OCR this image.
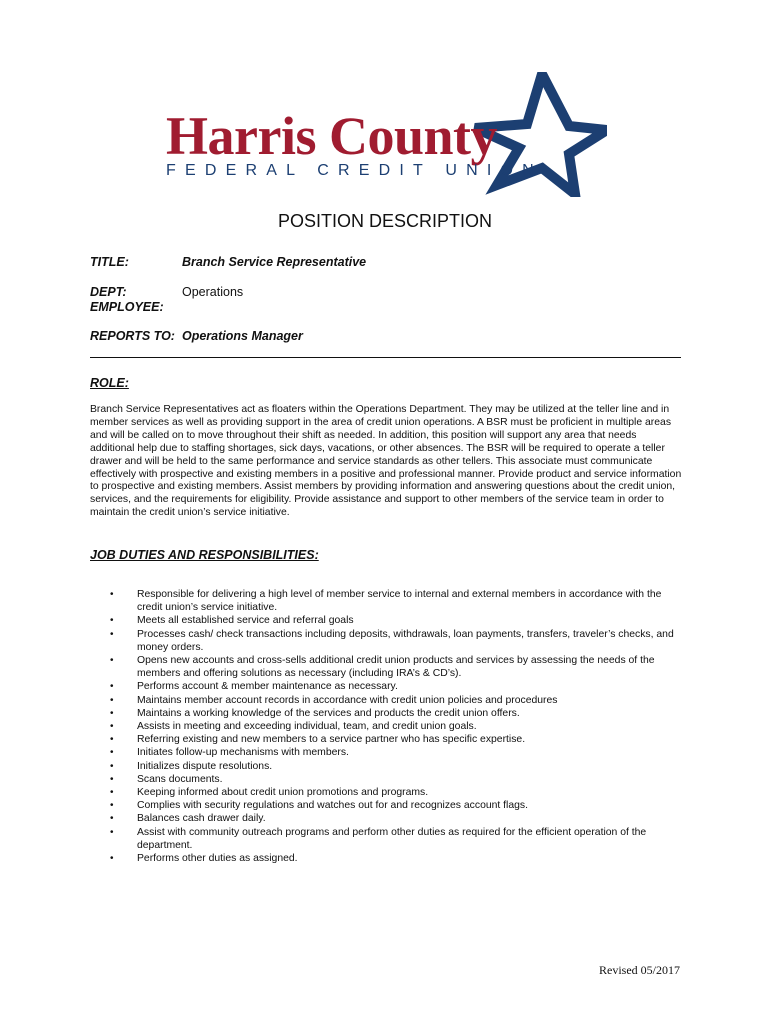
Harris County
FEDERAL CREDIT UNION
POSITION DESCRIPTION
TITLE:	Branch Service Representative
DEPT:	Operations
EMPLOYEE:
REPORTS TO: Operations Manager
ROLE:
Branch Service Representatives act as floaters within the Operations Department. They may be utilized at the teller line and in member services as well as providing support in the area of credit union operations. A BSR must be proficient in multiple areas and will be called on to move throughout their shift as needed. In addition, this position will support any area that needs additional help due to staffing shortages, sick days, vacations, or other absences. The BSR will be required to operate a teller drawer and will be held to the same performance and service standards as other tellers. This associate must communicate effectively with prospective and existing members in a positive and professional manner. Provide product and service information to prospective and existing members. Assist members by providing information and answering questions about the credit union, services, and the requirements for eligibility. Provide assistance and support to other members of the service team in order to maintain the credit union’s service initiative.
JOB DUTIES AND RESPONSIBILITIES:
• Responsible for delivering a high level of member service to internal and external members in accordance with the credit union’s service initiative.
• Meets all established service and referral goals
• Processes cash/ check transactions including deposits, withdrawals, loan payments, transfers, traveler’s checks, and money orders.
• Opens new accounts and cross-sells additional credit union products and services by assessing the needs of the members and offering solutions as necessary (including IRA’s & CD’s).
• Performs account & member maintenance as necessary.
• Maintains member account records in accordance with credit union policies and procedures
• Maintains a working knowledge of the services and products the credit union offers.
• Assists in meeting and exceeding individual, team, and credit union goals.
• Referring existing and new members to a service partner who has specific expertise.
• Initiates follow-up mechanisms with members.
• Initializes dispute resolutions.
• Scans documents.
• Keeping informed about credit union promotions and programs.
• Complies with security regulations and watches out for and recognizes account flags.
• Balances cash drawer daily.
• Assist with community outreach programs and perform other duties as required for the efficient operation of the department.
• Performs other duties as assigned.
Revised 05/2017
